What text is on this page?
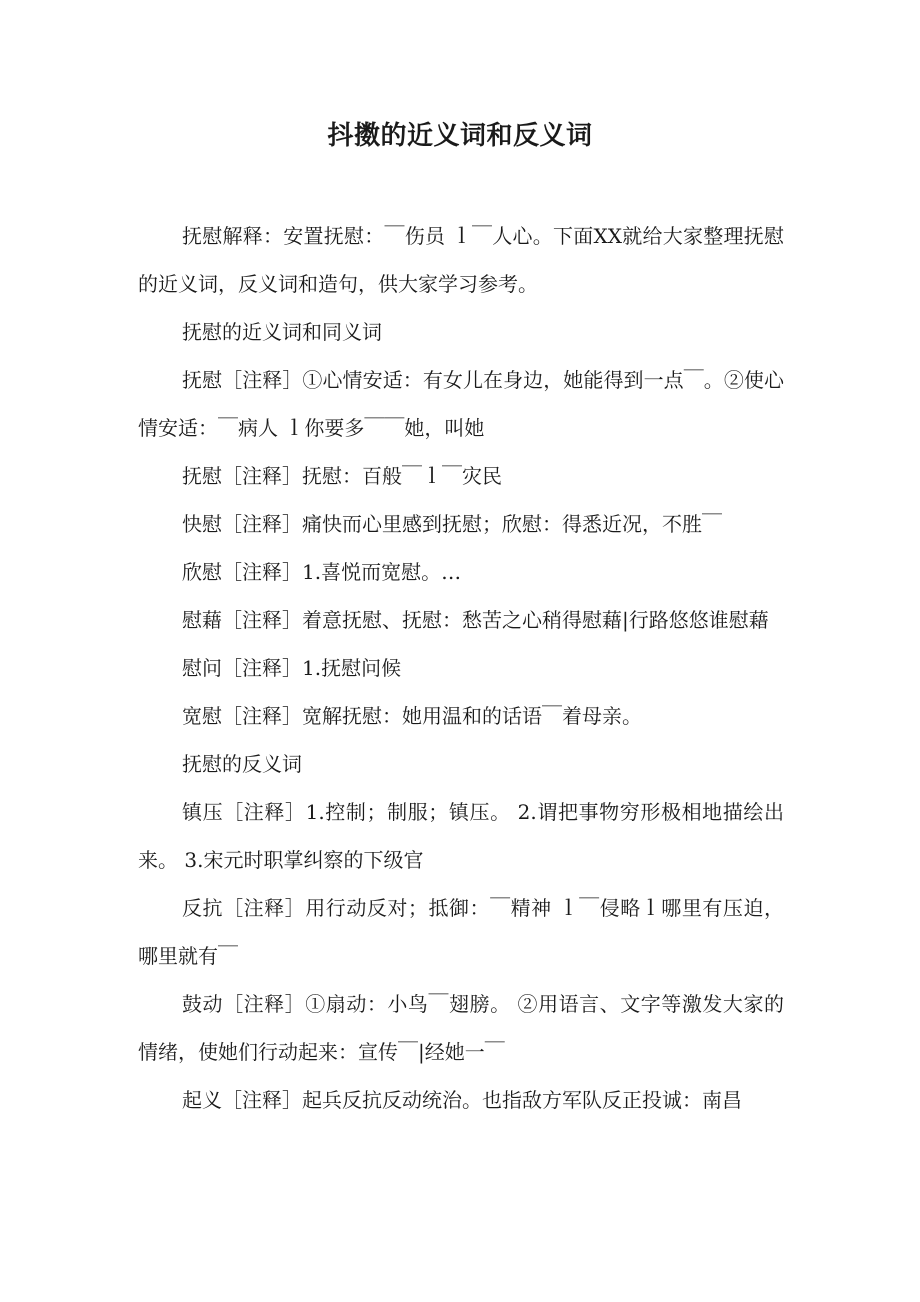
抖擞的近义词和反义词

抚慰解释：安置抚慰：￣伤员 ｌ￣人心。下面XX就给大家整理抚慰的近义词，反义词和造句，供大家学习参考。

抚慰的近义词和同义词

抚慰［注释］①心情安适：有女儿在身边，她能得到一点￣。②使心情安适：￣病人 ｌ你要多￣￣她，叫她

抚慰［注释］抚慰：百般￣ｌ￣灾民

快慰［注释］痛快而心里感到抚慰；欣慰：得悉近况，不胜￣

欣慰［注释］1.喜悦而宽慰。…

慰藉［注释］着意抚慰、抚慰：愁苦之心稍得慰藉|行路悠悠谁慰藉

慰问［注释］1.抚慰问候

宽慰［注释］宽解抚慰：她用温和的话语￣着母亲。

抚慰的反义词

镇压［注释］1.控制；制服；镇压。 2.谓把事物穷形极相地描绘出来。 3.宋元时职掌纠察的下级官

反抗［注释］用行动反对；抵御：￣精神 ｌ￣侵略ｌ哪里有压迫，哪里就有￣

鼓动［注释］①扇动：小鸟￣翅膀。 ②用语言、文字等激发大家的情绪，使她们行动起来：宣传￣|经她一￣

起义［注释］起兵反抗反动统治。也指敌方军队反正投诚：南昌
